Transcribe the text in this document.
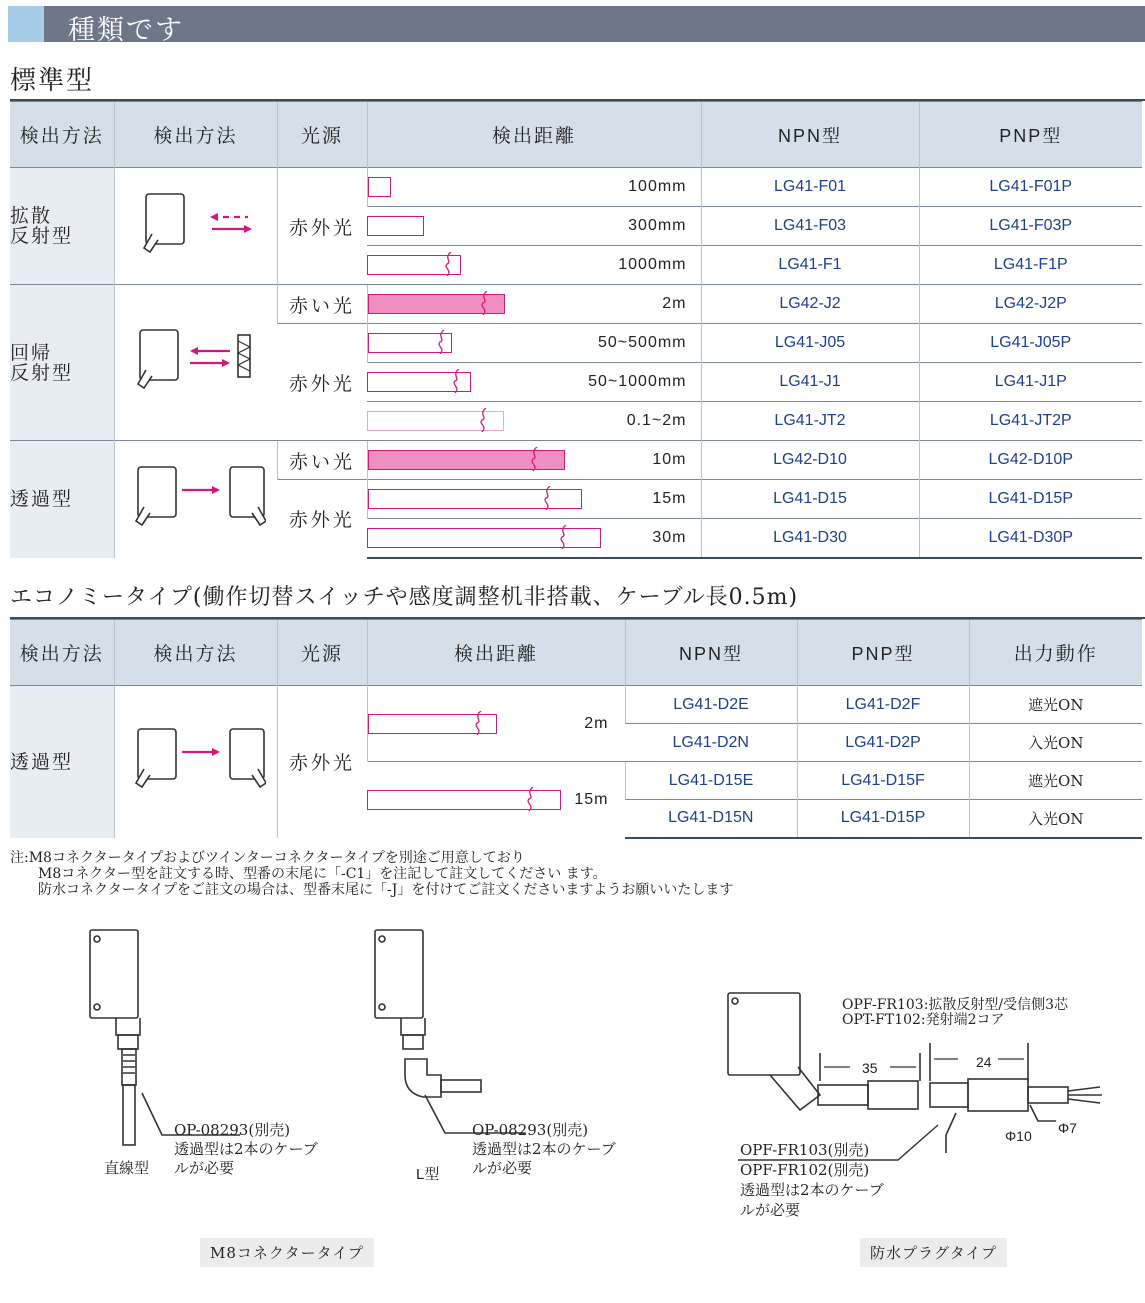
種類です
標準型
検出方法	検出方法	光源	検出距離	NPN型	PNP型
拡散
反射型		赤外光	100mm	LG41-F01	LG41-F01P

			300mm	LG41-F03	LG41-F03P

			1000mm	LG41-F1	LG41-F1P
回帰
反射型		赤い光	2m	LG42-J2	LG42-J2P
		赤外光	50~500mm	LG41-J05	LG41-J05P

			50~1000mm	LG41-J1	LG41-J1P

			0.1~2m	LG41-JT2	LG41-JT2P
透過型		赤い光	10m	LG42-D10	LG42-D10P
		赤外光	15m	LG41-D15	LG41-D15P

			30m	LG41-D30	LG41-D30P
エコノミータイプ(働作切替スイッチや感度調整机非搭載、ケーブル長0.5m)
検出方法	検出方法	光源	検出距離	NPN型	PNP型	出力動作
透過型		赤外光	2m	LG41-D2E	LG41-D2F	遮光ON
				LG41-D2N	LG41-D2P	入光ON

			15m	LG41-D15E	LG41-D15F	遮光ON
				LG41-D15N	LG41-D15P	入光ON
注:M8コネクタータイプおよびツインターコネクタータイプを別途ご用意しており
　　M8コネクター型を註文する時、型番の末尾に「-C1」を注記して註文してください ます。
　　防水コネクタータイプをご註文の場合は、型番末尾に「-J」を付けてご註文くださいますようお願いいたします
OP-08293(別売)
透過型は2本のケーブ
ルが必要
直線型
OP-08293(別売)
透過型は2本のケーブ
ルが必要
L型
M8コネクタータイプ
OPF-FR103:拡散反射型/受信側3芯
OPT-FT102:発射端2コア
35	24
Φ10 Φ7
OPF-FR103(別売)
OPF-FR102(別売)
透過型は2本のケーブ
ルが必要
防水プラグタイプ
